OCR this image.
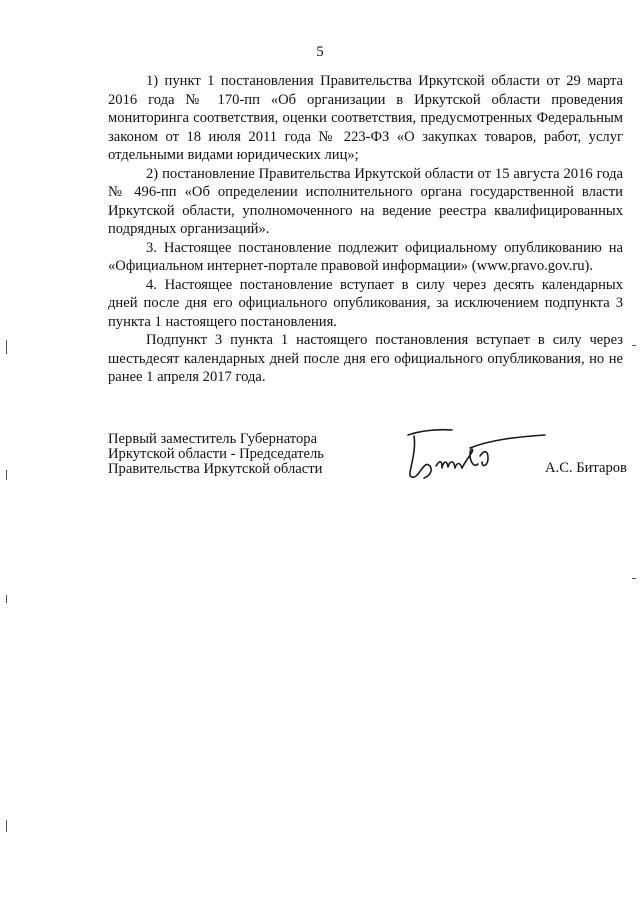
5

1) пункт 1 постановления Правительства Иркутской области от 29 марта 2016 года № 170-пп «Об организации в Иркутской области проведения мониторинга соответствия, оценки соответствия, предусмотренных Федеральным законом от 18 июля 2011 года № 223-ФЗ «О закупках товаров, работ, услуг отдельными видами юридических лиц»;

2) постановление Правительства Иркутской области от 15 августа 2016 года № 496-пп «Об определении исполнительного органа государственной власти Иркутской области, уполномоченного на ведение реестра квалифицированных подрядных организаций».

3. Настоящее постановление подлежит официальному опубликованию на «Официальном интернет-портале правовой информации» (www.pravo.gov.ru).

4. Настоящее постановление вступает в силу через десять календарных дней после дня его официального опубликования, за исключением подпункта 3 пункта 1 настоящего постановления.

Подпункт 3 пункта 1 настоящего постановления вступает в силу через шестьдесят календарных дней после дня его официального опубликования, но не ранее 1 апреля 2017 года.

Первый заместитель Губернатора

Иркутской области - Председатель

Правительства Иркутской области	А.С. Битаров
